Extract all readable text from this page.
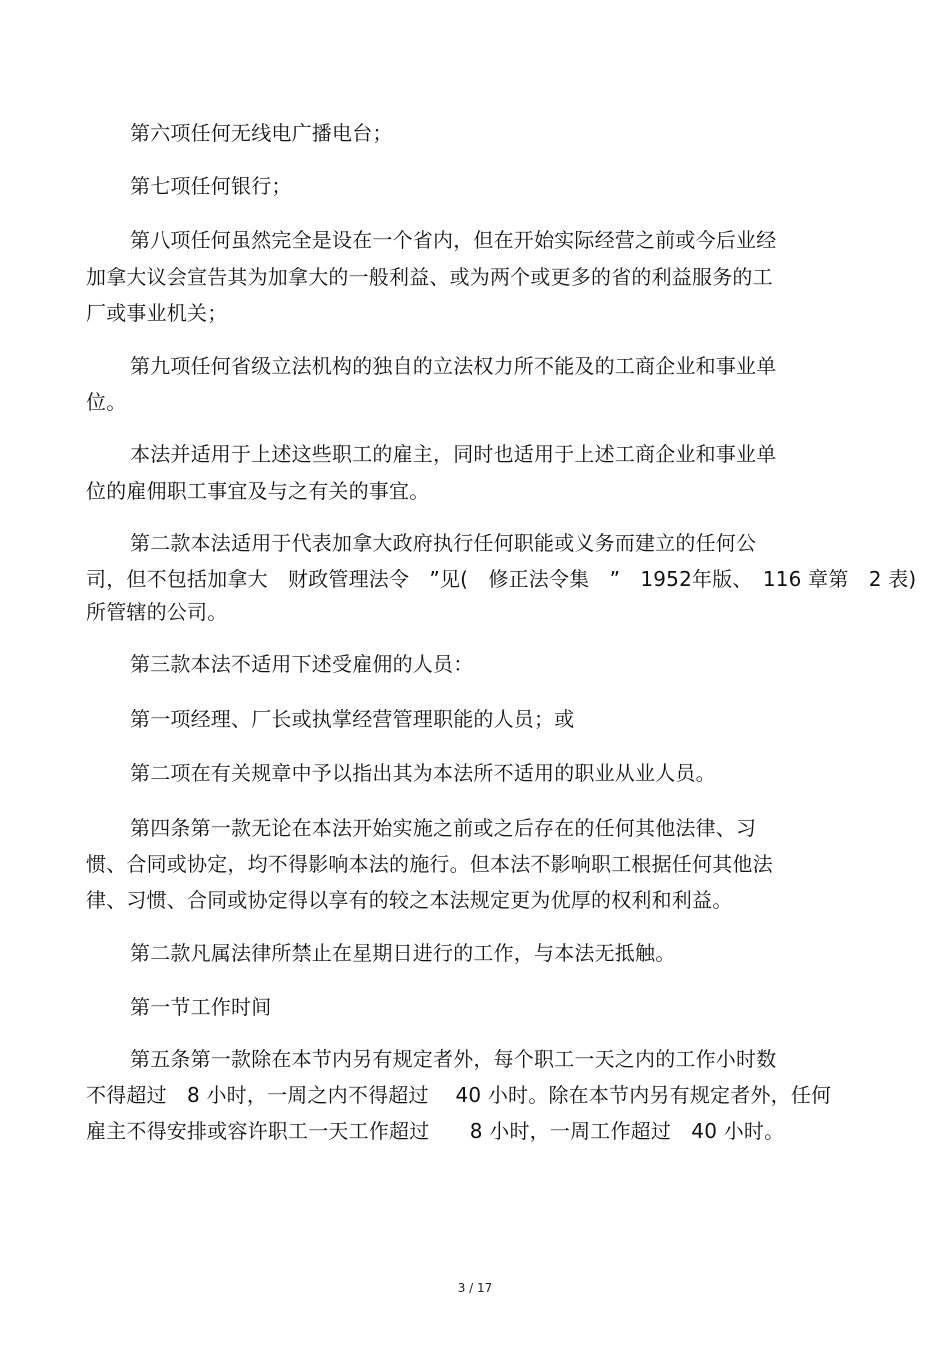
第六项任何无线电广播电台；
第七项任何银行；
第八项任何虽然完全是设在一个省内，但在开始实际经营之前或今后业经
加拿大议会宣告其为加拿大的一般利益、或为两个或更多的省的利益服务的工
厂或事业机关；
第九项任何省级立法机构的独自的立法权力所不能及的工商企业和事业单
位。
本法并适用于上述这些职工的雇主，同时也适用于上述工商企业和事业单
位的雇佣职工事宜及与之有关的事宜。
第二款本法适用于代表加拿大政府执行任何职能或义务而建立的任何公
司，但不包括加拿大　财政管理法令　”见(　修正法令集　”　1952年版、　116 章第　2 表)
所管辖的公司。
第三款本法不适用下述受雇佣的人员：
第一项经理、厂长或执掌经营管理职能的人员；或
第二项在有关规章中予以指出其为本法所不适用的职业从业人员。
第四条第一款无论在本法开始实施之前或之后存在的任何其他法律、习
惯、合同或协定，均不得影响本法的施行。但本法不影响职工根据任何其他法
律、习惯、合同或协定得以享有的较之本法规定更为优厚的权利和利益。
第二款凡属法律所禁止在星期日进行的工作，与本法无抵触。
第一节工作时间
第五条第一款除在本节内另有规定者外，每个职工一天之内的工作小时数
不得超过　8 小时，一周之内不得超过　 40 小时。除在本节内另有规定者外，任何
雇主不得安排或容许职工一天工作超过　　8 小时，一周工作超过　40 小时。
3 / 17
